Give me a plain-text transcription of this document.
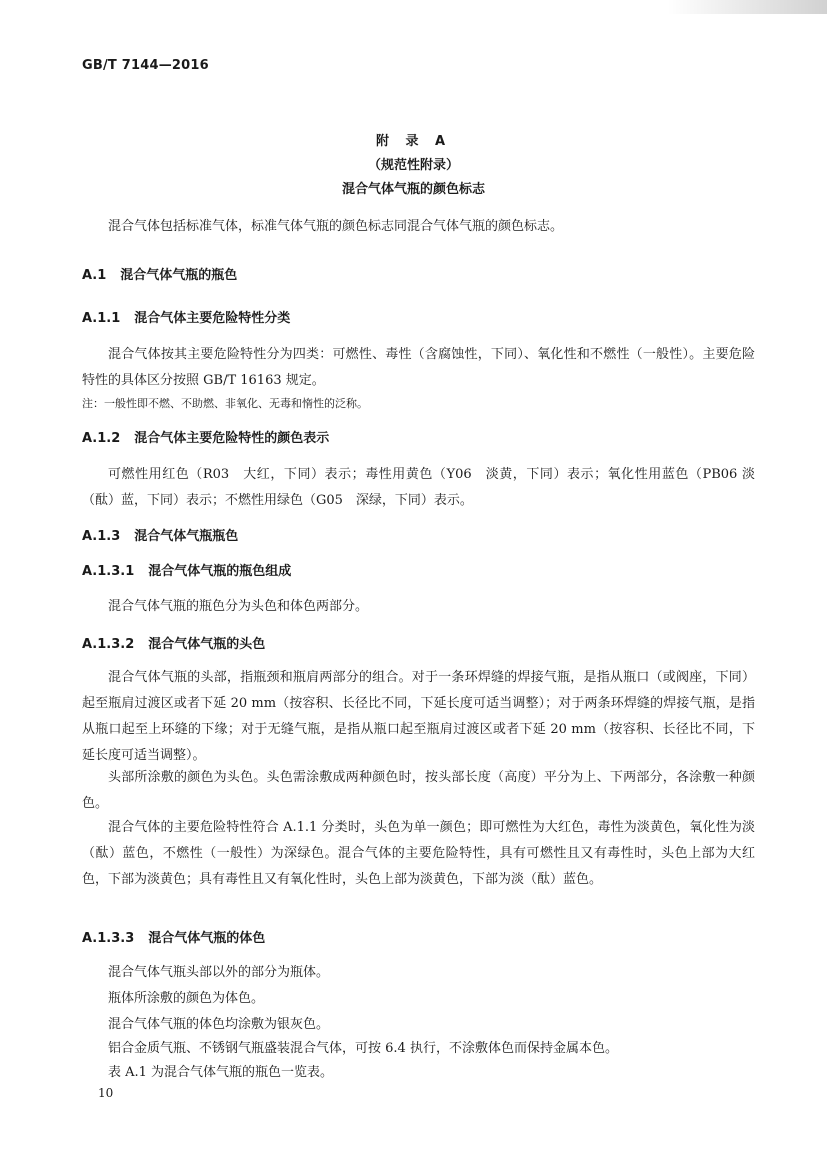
GB/T 7144—2016
附 录 A
（规范性附录）
混合气体气瓶的颜色标志
混合气体包括标准气体，标准气体气瓶的颜色标志同混合气体气瓶的颜色标志。
A.1 混合气体气瓶的瓶色
A.1.1 混合气体主要危险特性分类
混合气体按其主要危险特性分为四类：可燃性、毒性（含腐蚀性，下同）、氧化性和不燃性（一般性）。主要危险特性的具体区分按照 GB/T 16163 规定。
注：一般性即不燃、不助燃、非氧化、无毒和惰性的泛称。
A.1.2 混合气体主要危险特性的颜色表示
可燃性用红色（R03　大红，下同）表示；毒性用黄色（Y06　淡黄，下同）表示；氧化性用蓝色（PB06 淡（酞）蓝，下同）表示；不燃性用绿色（G05　深绿，下同）表示。
A.1.3 混合气体气瓶瓶色
A.1.3.1 混合气体气瓶的瓶色组成
混合气体气瓶的瓶色分为头色和体色两部分。
A.1.3.2 混合气体气瓶的头色
混合气体气瓶的头部，指瓶颈和瓶肩两部分的组合。对于一条环焊缝的焊接气瓶，是指从瓶口（或阀座，下同）起至瓶肩过渡区或者下延 20 mm（按容积、长径比不同，下延长度可适当调整）；对于两条环焊缝的焊接气瓶，是指从瓶口起至上环缝的下缘；对于无缝气瓶，是指从瓶口起至瓶肩过渡区或者下延 20 mm（按容积、长径比不同，下延长度可适当调整）。
头部所涂敷的颜色为头色。头色需涂敷成两种颜色时，按头部长度（高度）平分为上、下两部分，各涂敷一种颜色。
混合气体的主要危险特性符合 A.1.1 分类时，头色为单一颜色；即可燃性为大红色，毒性为淡黄色，氧化性为淡（酞）蓝色，不燃性（一般性）为深绿色。混合气体的主要危险特性，具有可燃性且又有毒性时，头色上部为大红色，下部为淡黄色；具有毒性且又有氧化性时，头色上部为淡黄色，下部为淡（酞）蓝色。
A.1.3.3 混合气体气瓶的体色
混合气体气瓶头部以外的部分为瓶体。
瓶体所涂敷的颜色为体色。
混合气体气瓶的体色均涂敷为银灰色。
铝合金质气瓶、不锈钢气瓶盛装混合气体，可按 6.4 执行，不涂敷体色而保持金属本色。
表 A.1 为混合气体气瓶的瓶色一览表。
10
